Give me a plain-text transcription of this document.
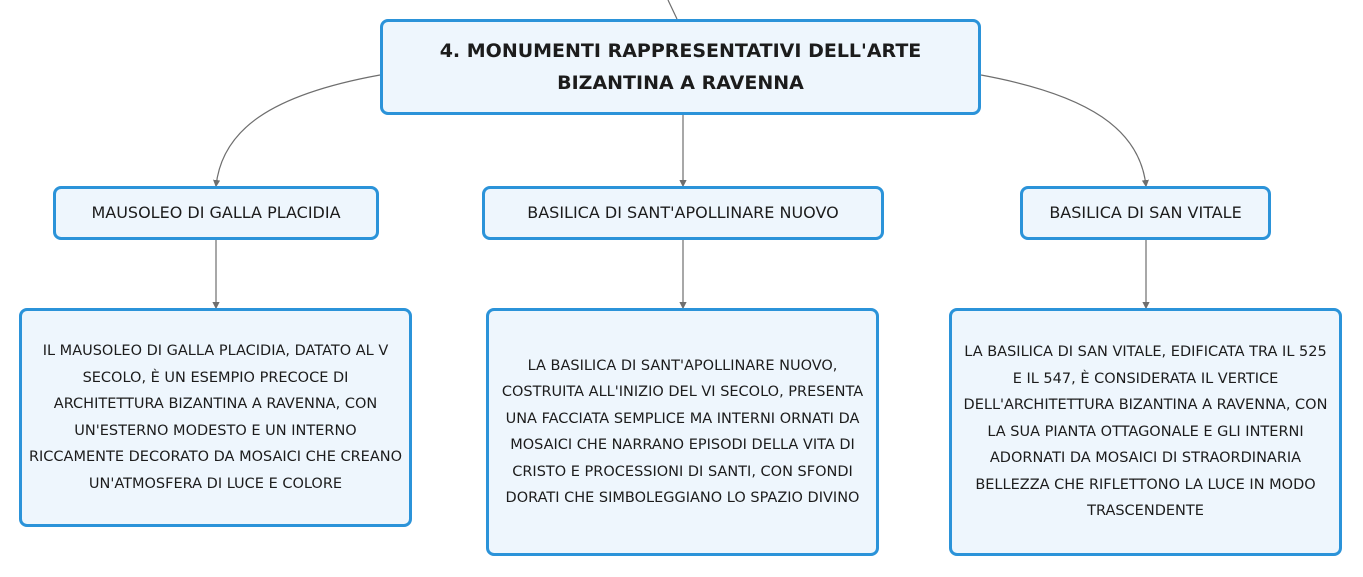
4. MONUMENTI RAPPRESENTATIVI DELL'ARTE BIZANTINA A RAVENNA
MAUSOLEO DI GALLA PLACIDIA	BASILICA DI SANT'APOLLINARE NUOVO	BASILICA DI SAN VITALE
IL MAUSOLEO DI GALLA PLACIDIA, DATATO AL V SECOLO, È UN ESEMPIO PRECOCE DI ARCHITETTURA BIZANTINA A RAVENNA, CON UN'ESTERNO MODESTO E UN INTERNO RICCAMENTE DECORATO DA MOSAICI CHE CREANO UN'ATMOSFERA DI LUCE E COLORE
LA BASILICA DI SANT'APOLLINARE NUOVO, COSTRUITA ALL'INIZIO DEL VI SECOLO, PRESENTA UNA FACCIATA SEMPLICE MA INTERNI ORNATI DA MOSAICI CHE NARRANO EPISODI DELLA VITA DI CRISTO E PROCESSIONI DI SANTI, CON SFONDI DORATI CHE SIMBOLEGGIANO LO SPAZIO DIVINO
LA BASILICA DI SAN VITALE, EDIFICATA TRA IL 525 E IL 547, È CONSIDERATA IL VERTICE DELL'ARCHITETTURA BIZANTINA A RAVENNA, CON LA SUA PIANTA OTTAGONALE E GLI INTERNI ADORNATI DA MOSAICI DI STRAORDINARIA BELLEZZA CHE RIFLETTONO LA LUCE IN MODO TRASCENDENTE
